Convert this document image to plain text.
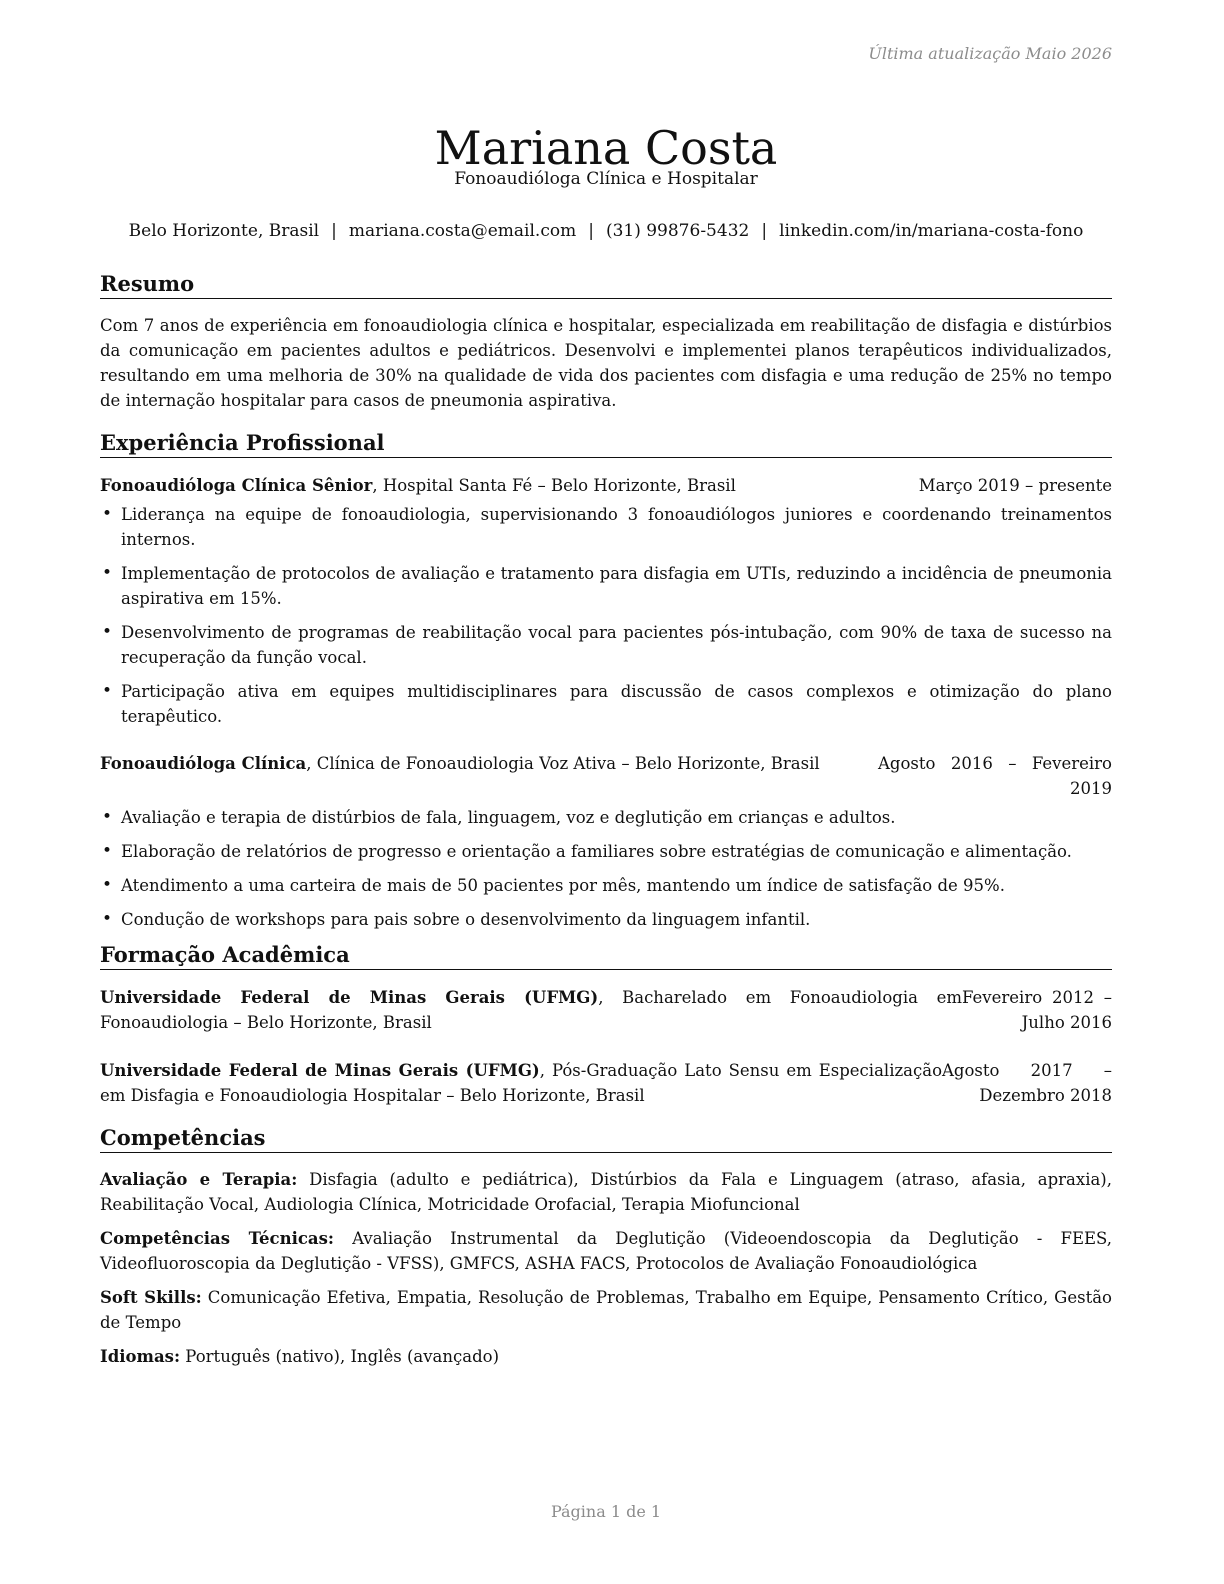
Última atualização Maio 2026
Mariana Costa
Fonoaudióloga Clínica e Hospitalar
Belo Horizonte, Brasil | mariana.costa@email.com | (31) 99876-5432 | linkedin.com/in/mariana-costa-fono
Resumo

Com 7 anos de experiência em fonoaudiologia clínica e hospitalar, especializada em reabilitação de disfagia e distúrbios da comunicação em pacientes adultos e pediátricos. Desenvolvi e implementei planos terapêuticos individualizados, resultando em uma melhoria de 30% na qualidade de vida dos pacientes com disfagia e uma redução de 25% no tempo de internação hospitalar para casos de pneumonia aspirativa.

Experiência Profissional
Fonoaudióloga Clínica Sênior, Hospital Santa Fé – Belo Horizonte, Brasil	Março 2019 – presente
• Liderança na equipe de fonoaudiologia, supervisionando 3 fonoaudiólogos juniores e coordenando treinamentos internos.
• Implementação de protocolos de avaliação e tratamento para disfagia em UTIs, reduzindo a incidência de pneumonia aspirativa em 15%.
• Desenvolvimento de programas de reabilitação vocal para pacientes pós-intubação, com 90% de taxa de sucesso na recuperação da função vocal.
• Participação ativa em equipes multidisciplinares para discussão de casos complexos e otimização do plano terapêutico.
Fonoaudióloga Clínica, Clínica de Fonoaudiologia Voz Ativa – Belo Horizonte, Brasil	Agosto 2016 – Fevereiro 2019
• Avaliação e terapia de distúrbios de fala, linguagem, voz e deglutição em crianças e adultos.
• Elaboração de relatórios de progresso e orientação a familiares sobre estratégias de comunicação e alimentação.
• Atendimento a uma carteira de mais de 50 pacientes por mês, mantendo um índice de satisfação de 95%.
• Condução de workshops para pais sobre o desenvolvimento da linguagem infantil.
Formação Acadêmica
Universidade Federal de Minas Gerais (UFMG), Bacharelado em Fonoaudiologia em Fonoaudiologia – Belo Horizonte, Brasil
Fevereiro 2012 – Julho 2016
Universidade Federal de Minas Gerais (UFMG), Pós-Graduação Lato Sensu em Especialização em Disfagia e Fonoaudiologia Hospitalar – Belo Horizonte, Brasil
Agosto 2017 – Dezembro 2018
Competências

Avaliação e Terapia: Disfagia (adulto e pediátrica), Distúrbios da Fala e Linguagem (atraso, afasia, apraxia), Reabilitação Vocal, Audiologia Clínica, Motricidade Orofacial, Terapia Miofuncional

Competências Técnicas: Avaliação Instrumental da Deglutição (Videoendoscopia da Deglutição - FEES, Videofluoroscopia da Deglutição - VFSS), GMFCS, ASHA FACS, Protocolos de Avaliação Fonoaudiológica

Soft Skills: Comunicação Efetiva, Empatia, Resolução de Problemas, Trabalho em Equipe, Pensamento Crítico, Gestão de Tempo

Idiomas: Português (nativo), Inglês (avançado)

Página 1 de 1
